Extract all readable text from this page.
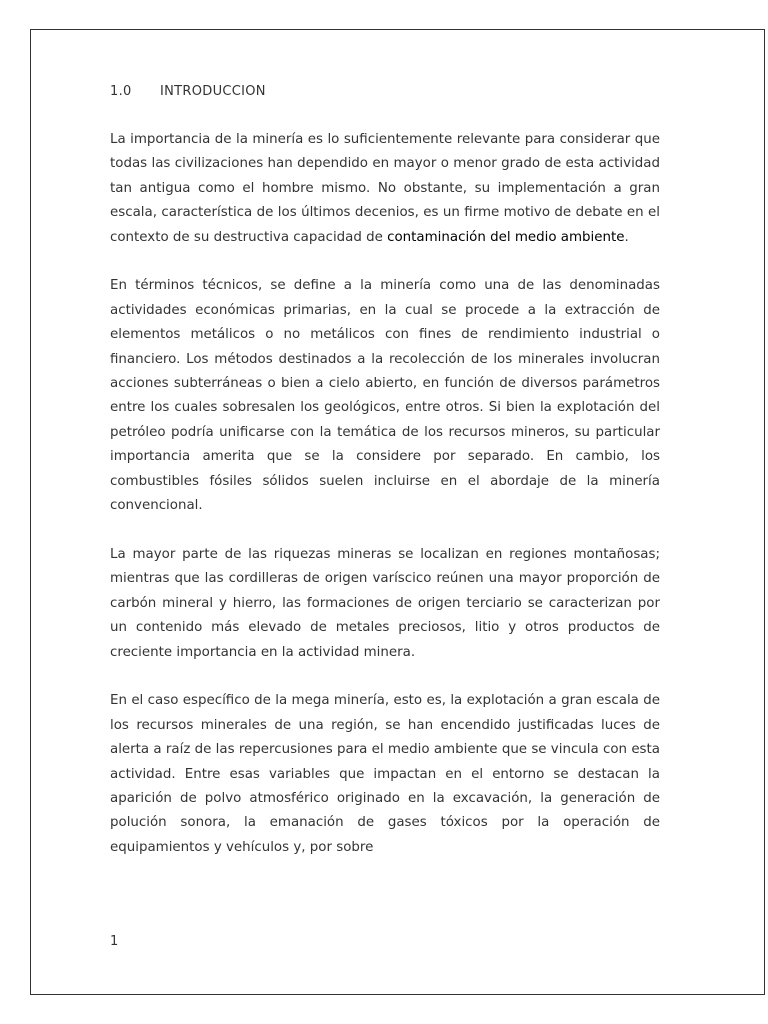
1.0 INTRODUCCION

La importancia de la minería es lo suficientemente relevante para considerar que todas las civilizaciones han dependido en mayor o menor grado de esta actividad tan antigua como el hombre mismo. No obstante, su implementación a gran escala, característica de los últimos decenios, es un firme motivo de debate en el contexto de su destructiva capacidad de contaminación del medio ambiente.

En términos técnicos, se define a la minería como una de las denominadas actividades económicas primarias, en la cual se procede a la extracción de elementos metálicos o no metálicos con fines de rendimiento industrial o financiero. Los métodos destinados a la recolección de los minerales involucran acciones subterráneas o bien a cielo abierto, en función de diversos parámetros entre los cuales sobresalen los geológicos, entre otros. Si bien la explotación del petróleo podría unificarse con la temática de los recursos mineros, su particular importancia amerita que se la considere por separado. En cambio, los combustibles fósiles sólidos suelen incluirse en el abordaje de la minería convencional.

La mayor parte de las riquezas mineras se localizan en regiones montañosas; mientras que las cordilleras de origen varíscico reúnen una mayor proporción de carbón mineral y hierro, las formaciones de origen terciario se caracterizan por un contenido más elevado de metales preciosos, litio y otros productos de creciente importancia en la actividad minera.

En el caso específico de la mega minería, esto es, la explotación a gran escala de los recursos minerales de una región, se han encendido justificadas luces de alerta a raíz de las repercusiones para el medio ambiente que se vincula con esta actividad. Entre esas variables que impactan en el entorno se destacan la aparición de polvo atmosférico originado en la excavación, la generación de polución sonora, la emanación de gases tóxicos por la operación de equipamientos y vehículos y, por sobre

1
